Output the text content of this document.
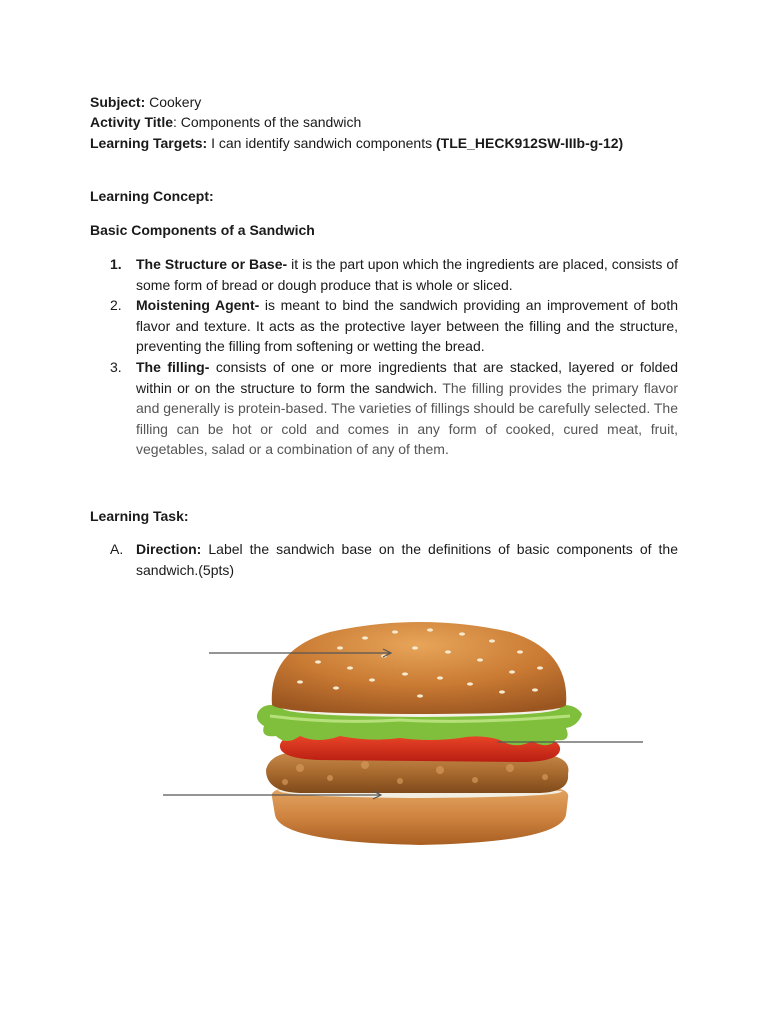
Subject: Cookery
Activity Title: Components of the sandwich
Learning Targets: I can identify sandwich components (TLE_HECK912SW-IIIb-g-12)
Learning Concept:
Basic Components of a Sandwich
1.	The Structure or Base- it is the part upon which the ingredients are placed, consists of some form of bread or dough produce that is whole or sliced.
2.	Moistening Agent- is meant to bind the sandwich providing an improvement of both flavor and texture. It acts as the protective layer between the filling and the structure, preventing the filling from softening or wetting the bread.
3.	The filling- consists of one or more ingredients that are stacked, layered or folded within or on the structure to form the sandwich. The filling provides the primary flavor and generally is protein-based. The varieties of fillings should be carefully selected. The filling can be hot or cold and comes in any form of cooked, cured meat, fruit, vegetables, salad or a combination of any of them.
Learning Task:
A. Direction: Label the sandwich base on the definitions of basic components of the sandwich.(5pts)
